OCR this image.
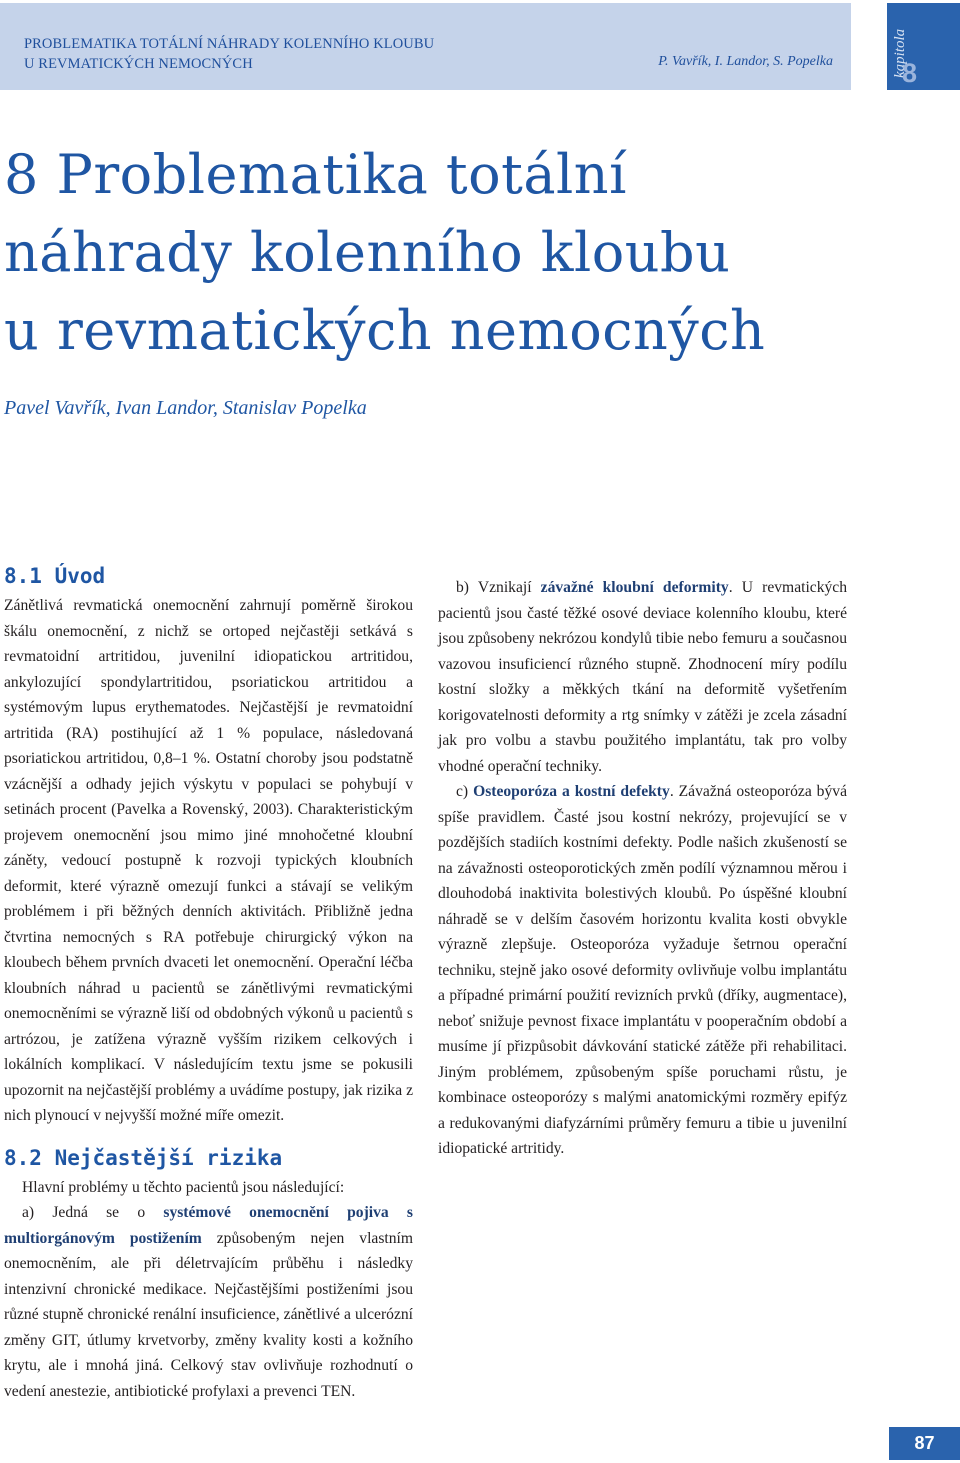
PROBLEMATIKA TOTÁLNÍ NÁHRADY KOLENNÍHO KLOUBU
U REVMATICKÝCH NEMOCNÝCH	P. Vavřík, I. Landor, S. Popelka	kapitola
8
8 Problematika totální
náhrady kolenního kloubu
u revmatických nemocných
Pavel Vavřík, Ivan Landor, Stanislav Popelka
8.1 Úvod

Zánětlivá revmatická onemocnění zahrnují poměrně širokou škálu onemocnění, z nichž se ortoped nejčastěji setkává s revmatoidní artritidou, juvenilní idiopatickou artritidou, ankylozující spondylartritidou, psoriatickou artritidou a systémovým lupus erythematodes. Nejčastější je revmatoidní artritida (RA) postihující až 1 % populace, následovaná psoriatickou artritidou, 0,8–1 %. Ostatní choroby jsou podstatně vzácnější a odhady jejich výskytu v populaci se pohybují v setinách procent (Pavelka a Rovenský, 2003). Charakteristickým projevem onemocnění jsou mimo jiné mnohočetné kloubní záněty, vedoucí postupně k rozvoji typických kloubních deformit, které výrazně omezují funkci a stávají se velikým problémem i při běžných denních aktivitách. Přibližně jedna čtvrtina nemocných s RA potřebuje chirurgický výkon na kloubech během prvních dvaceti let onemocnění. Operační léčba kloubních náhrad u pacientů se zánětlivými revmatickými onemocněními se výrazně liší od obdobných výkonů u pacientů s artrózou, je zatížena výrazně vyšším rizikem celkových i lokálních komplikací. V následujícím textu jsme se pokusili upozornit na nejčastější problémy a uvádíme postupy, jak rizika z nich plynoucí v nejvyšší možné míře omezit.

8.2 Nejčastější rizika

Hlavní problémy u těchto pacientů jsou následující:

a) Jedná se o systémové onemocnění pojiva s multiorgánovým postižením způsobeným nejen vlastním onemocněním, ale při déletrvajícím průběhu i následky intenzivní chronické medikace. Nejčastějšími postiženími jsou různé stupně chronické renální insuficience, zánětlivé a ulcerózní změny GIT, útlumy krvetvorby, změny kvality kosti a kožního krytu, ale i mnohá jiná. Celkový stav ovlivňuje rozhodnutí o vedení anestezie, antibiotické profylaxi a prevenci TEN.

b) Vznikají závažné kloubní deformity. U revmatických pacientů jsou časté těžké osové deviace kolenního kloubu, které jsou způsobeny nekrózou kondylů tibie nebo femuru a současnou vazovou insuficiencí různého stupně. Zhodnocení míry podílu kostní složky a měkkých tkání na deformitě vyšetřením korigovatelnosti deformity a rtg snímky v zátěži je zcela zásadní jak pro volbu a stavbu použitého implantátu, tak pro volby vhodné operační techniky.

c) Osteoporóza a kostní defekty. Závažná osteoporóza bývá spíše pravidlem. Časté jsou kostní nekrózy, projevující se v pozdějších stadiích kostními defekty. Podle našich zkušeností se na závažnosti osteoporotických změn podílí významnou měrou i dlouhodobá inaktivita bolestivých kloubů. Po úspěšné kloubní náhradě se v delším časovém horizontu kvalita kosti obvykle výrazně zlepšuje. Osteoporóza vyžaduje šetrnou operační techniku, stejně jako osové deformity ovlivňuje volbu implantátu a případné primární použití revizních prvků (dříky, augmentace), neboť snižuje pevnost fixace implantátu v pooperačním období a musíme jí přizpůsobit dávkování statické zátěže při rehabilitaci. Jiným problémem, způsobeným spíše poruchami růstu, je kombinace osteoporózy s malými anatomickými rozměry epifýz a redukovanými diafyzárními průměry femuru a tibie u juvenilní idiopatické artritidy.

87
